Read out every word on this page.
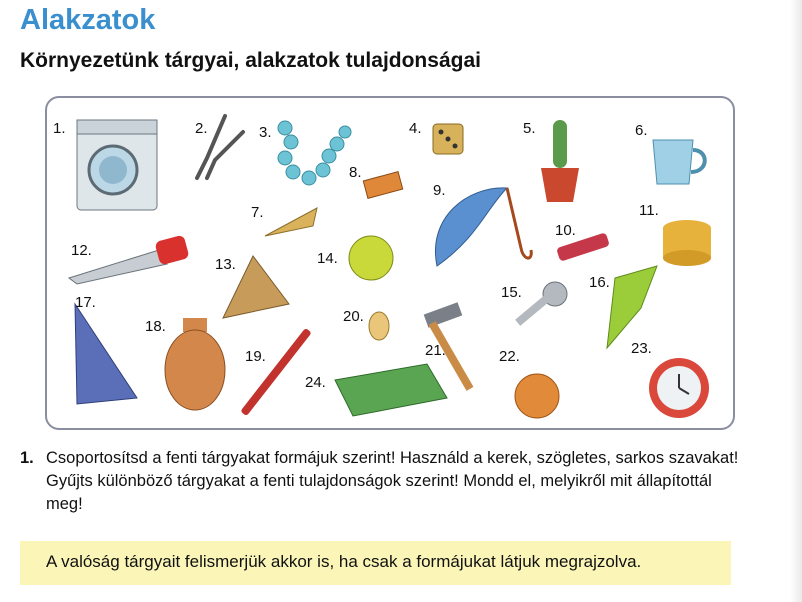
Alakzatok
Környezetünk tárgyai, alakzatok tulajdonságai
1.	2.	3.	4.	5.	6.
7.
8.
9.
10.
11.
12.
13.	14.
15.
16.
17.
18.
19.
20.
21.	22.	23.
24.
1. Csoportosítsd a fenti tárgyakat formájuk szerint! Használd a kerek, szögletes, sarkos szavakat!

Gyűjts különböző tárgyakat a fenti tulajdonságok szerint! Mondd el, melyikről mit állapítottál meg!

A valóság tárgyait felismerjük akkor is, ha csak a formájukat látjuk megrajzolva.
